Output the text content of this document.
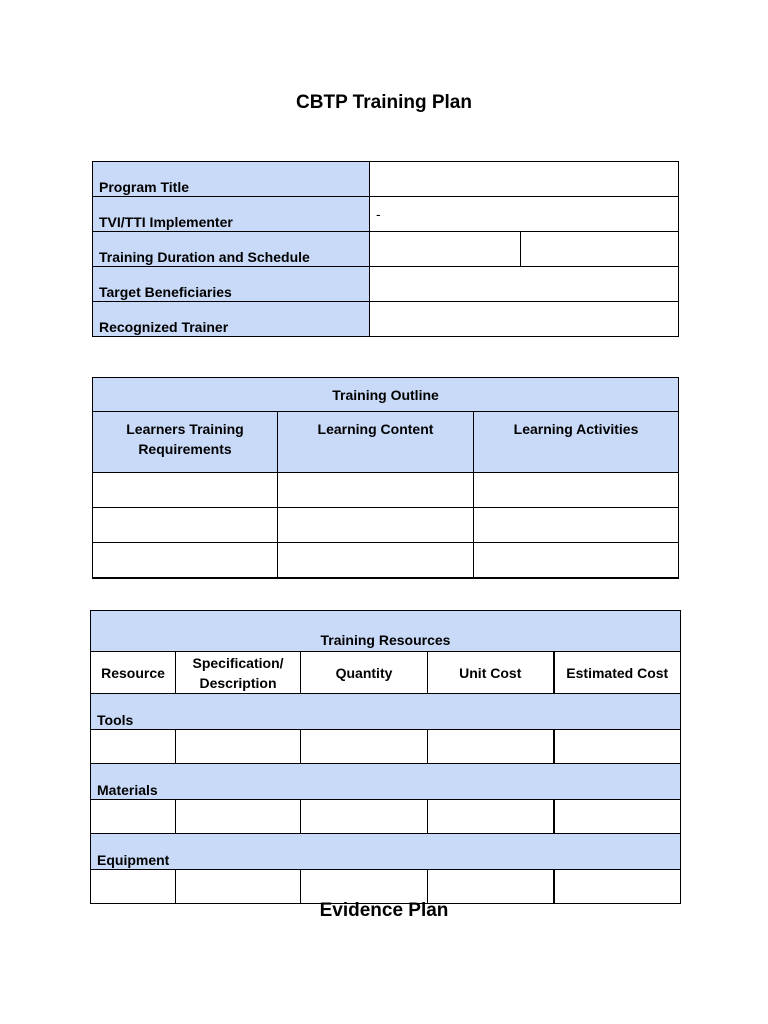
CBTP Training Plan
Program Title		
TVI/TTI Implementer	-	
Training Duration and Schedule		
Target Beneficiaries		
Recognized Trainer		
Training Outline		
Learners Training Requirements	Learning Content	Learning Activities

Training Resources				
Resource	Specification/ Description	Quantity	Unit Cost	Estimated Cost
Tools				

Materials				

Equipment				

Evidence Plan
